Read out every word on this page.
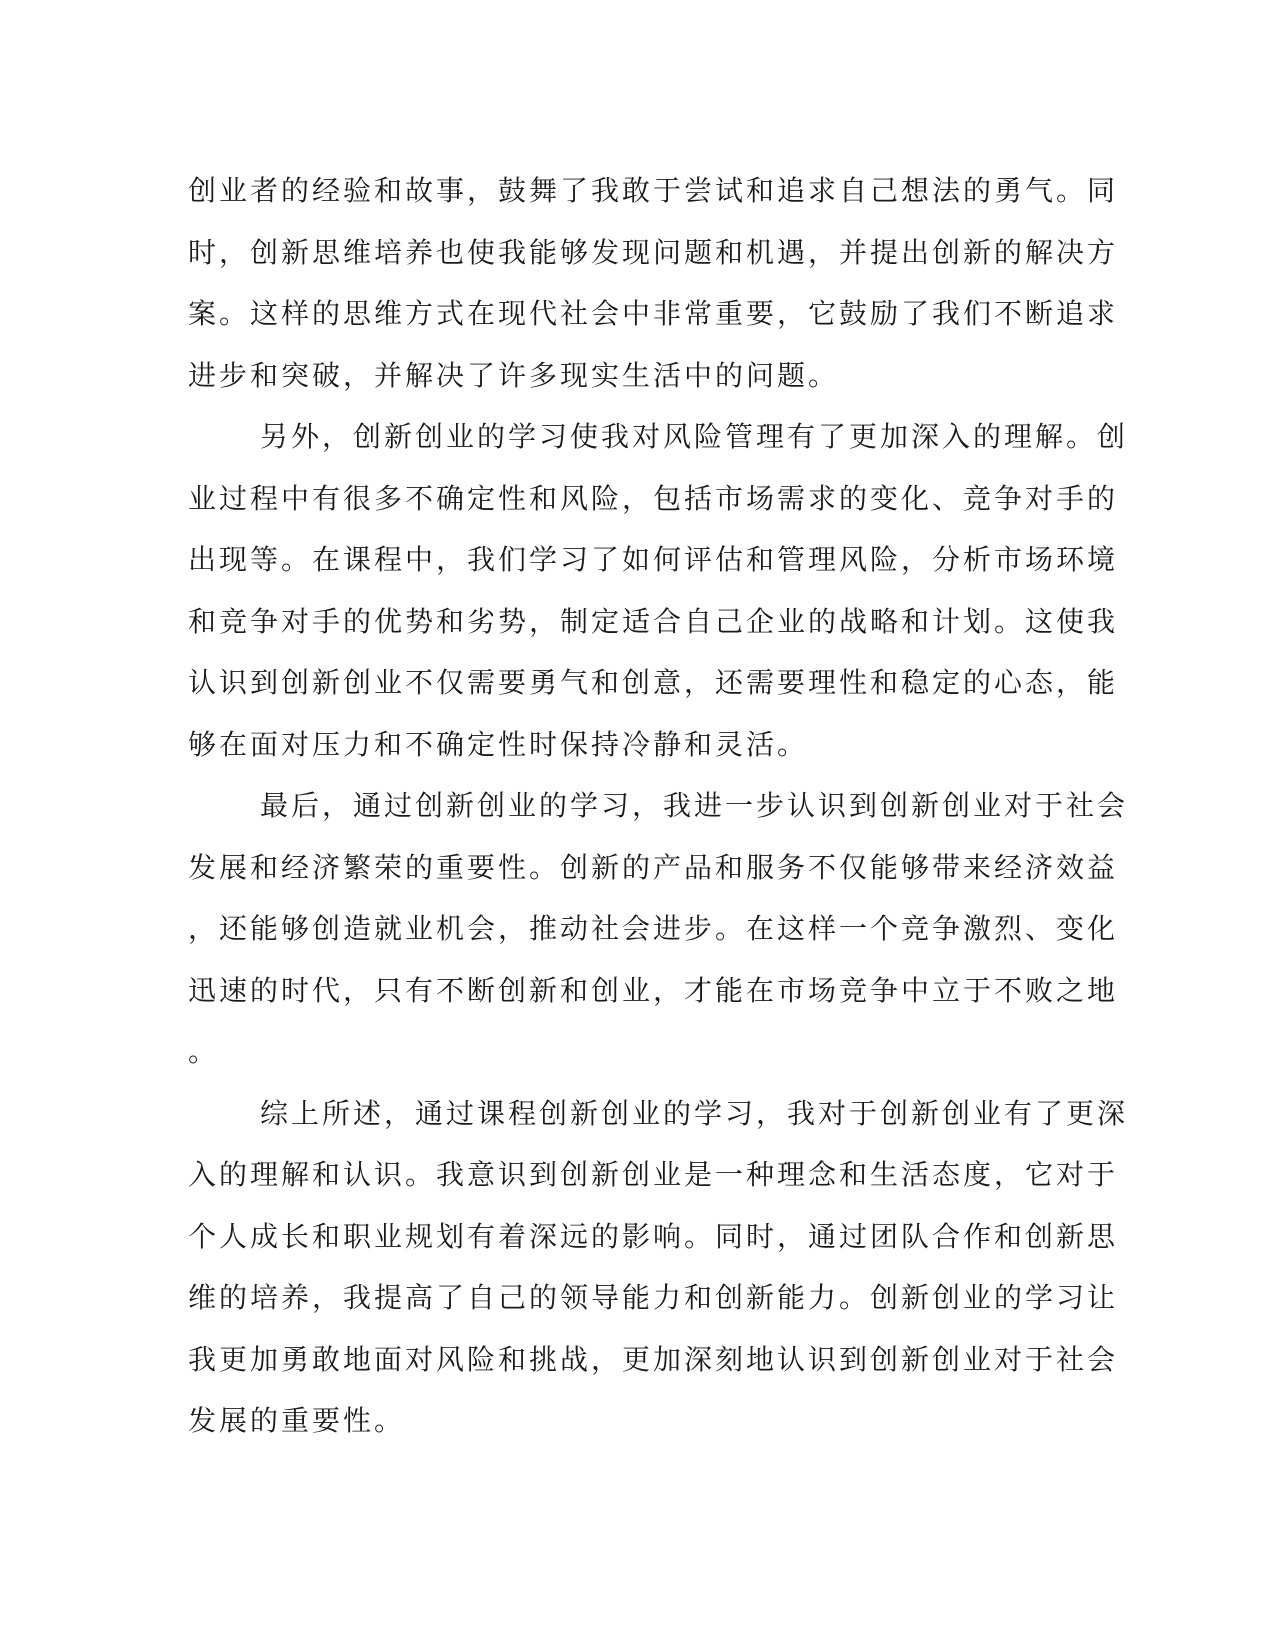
创业者的经验和故事，鼓舞了我敢于尝试和追求自己想法的勇气。同
时，创新思维培养也使我能够发现问题和机遇，并提出创新的解决方
案。这样的思维方式在现代社会中非常重要，它鼓励了我们不断追求
进步和突破，并解决了许多现实生活中的问题。
另外，创新创业的学习使我对风险管理有了更加深入的理解。创
业过程中有很多不确定性和风险，包括市场需求的变化、竞争对手的
出现等。在课程中，我们学习了如何评估和管理风险，分析市场环境
和竞争对手的优势和劣势，制定适合自己企业的战略和计划。这使我
认识到创新创业不仅需要勇气和创意，还需要理性和稳定的心态，能
够在面对压力和不确定性时保持冷静和灵活。
最后，通过创新创业的学习，我进一步认识到创新创业对于社会
发展和经济繁荣的重要性。创新的产品和服务不仅能够带来经济效益
，还能够创造就业机会，推动社会进步。在这样一个竞争激烈、变化
迅速的时代，只有不断创新和创业，才能在市场竞争中立于不败之地
。
综上所述，通过课程创新创业的学习，我对于创新创业有了更深
入的理解和认识。我意识到创新创业是一种理念和生活态度，它对于
个人成长和职业规划有着深远的影响。同时，通过团队合作和创新思
维的培养，我提高了自己的领导能力和创新能力。创新创业的学习让
我更加勇敢地面对风险和挑战，更加深刻地认识到创新创业对于社会
发展的重要性。
